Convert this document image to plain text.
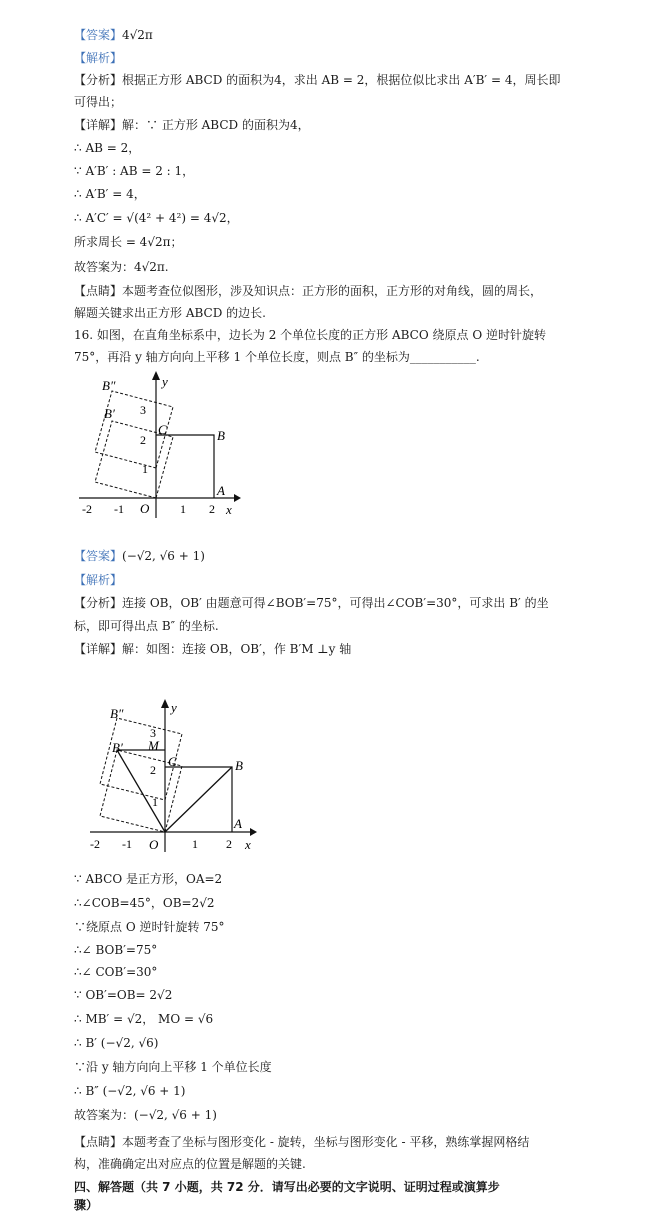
【答案】4√2π
【解析】
【分析】根据正方形 ABCD 的面积为4，求出 AB = 2，根据位似比求出 A′B′ = 4，周长即
可得出；
【详解】解：∵ 正方形 ABCD 的面积为4，
∴ AB = 2，
∵ A′B′ : AB = 2 : 1，
∴ A′B′ = 4，
∴ A′C′ = √(4² + 4²) = 4√2，
所求周长 = 4√2π；
故答案为：4√2π.
【点睛】本题考查位似图形，涉及知识点：正方形的面积，正方形的对角线，圆的周长，
解题关键求出正方形 ABCD 的边长.
16. 如图，在直角坐标系中，边长为 2 个单位长度的正方形 ABCO 绕原点 O 逆时针旋转
75°，再沿 y 轴方向向上平移 1 个单位长度，则点 B″ 的坐标为___________.
【答案】(−√2, √6 + 1)
【解析】
【分析】连接 OB，OB′ 由题意可得∠BOB′=75°，可得出∠COB′=30°，可求出 B′ 的坐
标，即可得出点 B″ 的坐标.
【详解】解：如图：连接 OB，OB′，作 B′M ⊥y 轴
∵ ABCO 是正方形，OA=2
∴∠COB=45°，OB=2√2
∵绕原点 O 逆时针旋转 75°
∴∠ BOB′=75°
∴∠ COB′=30°
∵ OB′=OB= 2√2
∴ MB′ = √2， MO = √6
∴ B′ (−√2, √6)
∵沿 y 轴方向向上平移 1 个单位长度
∴ B″ (−√2, √6 + 1)
故答案为：(−√2, √6 + 1)
【点睛】本题考查了坐标与图形变化 - 旋转，坐标与图形变化 - 平移，熟练掌握网格结
构，准确确定出对应点的位置是解题的关键.
四、解答题（共 7 小题，共 72 分．请写出必要的文字说明、证明过程或演算步
骤）
-2 -1	1 2
1
2
3
B″
B′
C	B
A
O	x
y
-2 -1	1 2
1
2
3
B″
B′ M
C	B
A
O	x
y
